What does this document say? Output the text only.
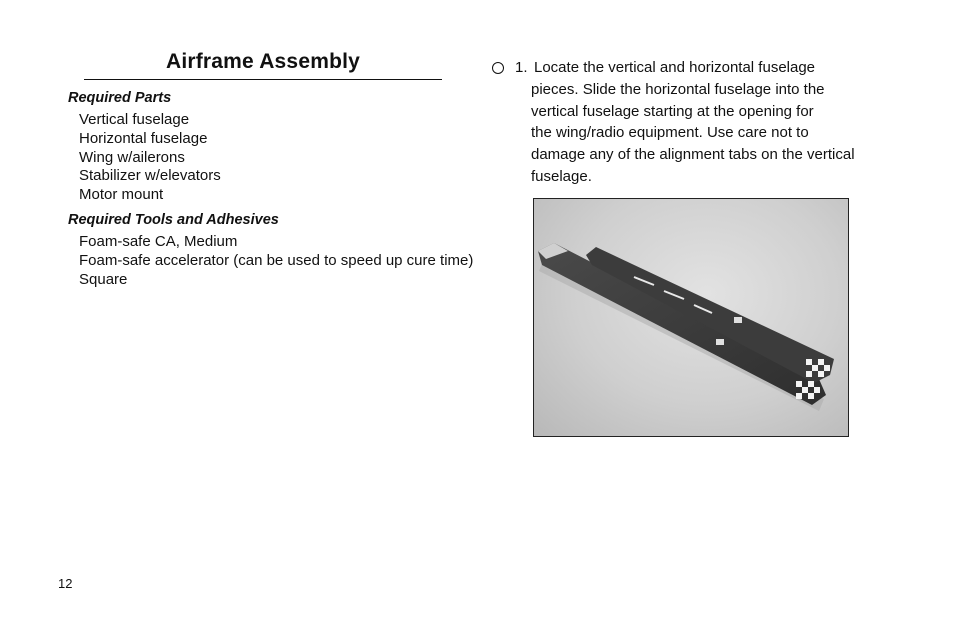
Airframe Assembly
Required Parts
Vertical fuselage
Horizontal fuselage
Wing w/ailerons
Stabilizer w/elevators
Motor mount
Required Tools and Adhesives
Foam-safe CA, Medium
Foam-safe accelerator (can be used to speed up cure time)
Square
1. Locate the vertical and horizontal fuselage
pieces. Slide the horizontal fuselage into the
vertical fuselage starting at the opening for
the wing/radio equipment. Use care not to
damage any of the alignment tabs on the vertical
fuselage.
12
